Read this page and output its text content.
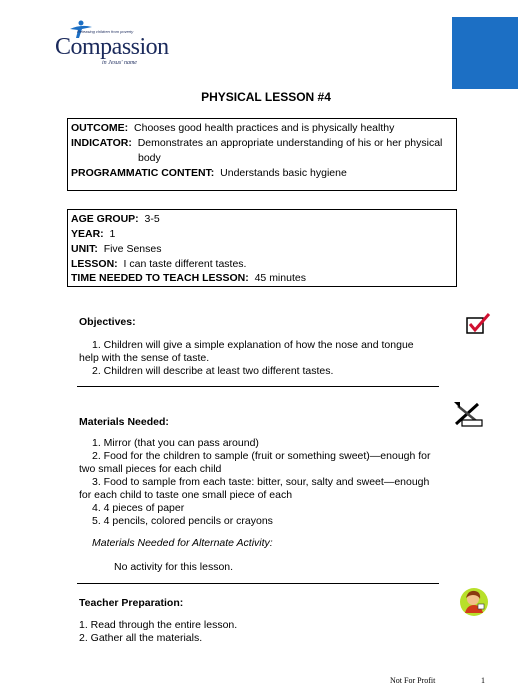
Releasing children from poverty
Compassion
in Jesus' name
PHYSICAL LESSON #4
OUTCOME: Chooses good health practices and is physically healthy
INDICATOR: Demonstrates an appropriate understanding of his or her physical
body
PROGRAMMATIC CONTENT: Understands basic hygiene
AGE GROUP: 3-5
YEAR: 1
UNIT: Five Senses
LESSON: I can taste different tastes.
TIME NEEDED TO TEACH LESSON: 45 minutes
Objectives:
1. Children will give a simple explanation of how the nose and tongue
help with the sense of taste.
2. Children will describe at least two different tastes.
Materials Needed:
1. Mirror (that you can pass around)
2. Food for the children to sample (fruit or something sweet)—enough for
two small pieces for each child
3. Food to sample from each taste: bitter, sour, salty and sweet—enough
for each child to taste one small piece of each
4. 4 pieces of paper
5. 4 pencils, colored pencils or crayons
Materials Needed for Alternate Activity:
No activity for this lesson.
Teacher Preparation:
1. Read through the entire lesson.
2. Gather all the materials.
Not For Profit	1
